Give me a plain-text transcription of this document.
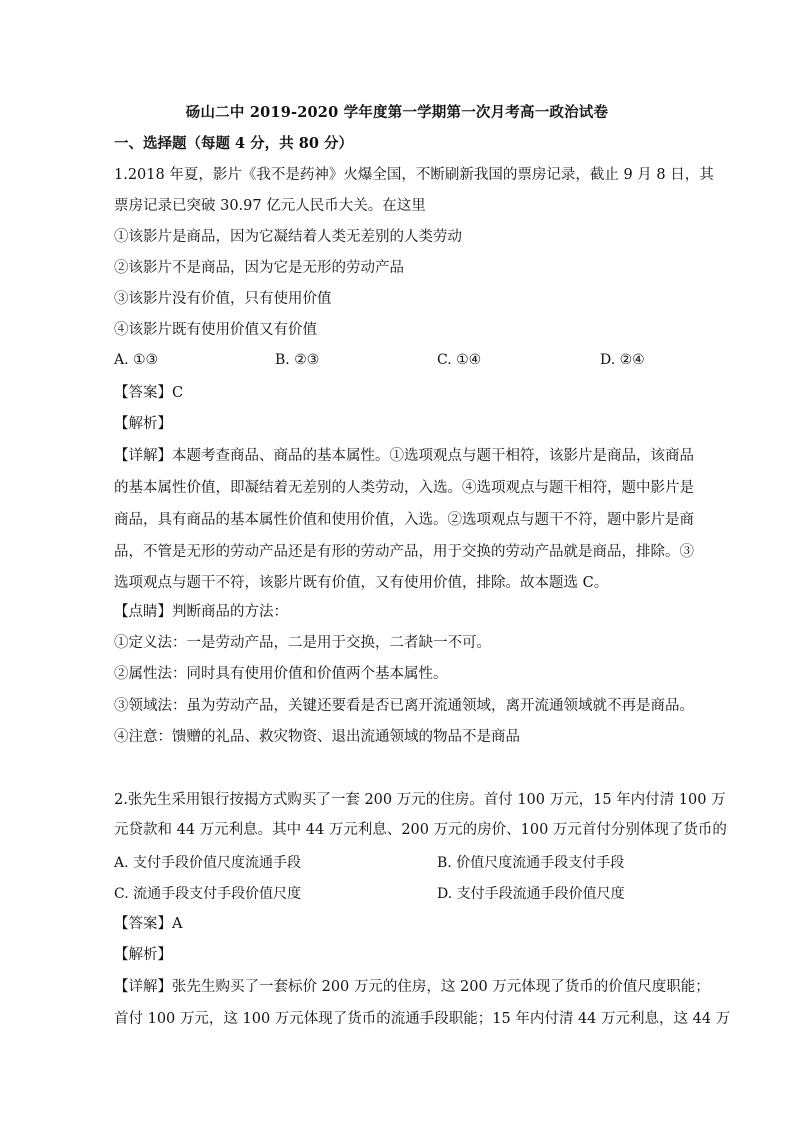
砀山二中 2019-2020 学年度第一学期第一次月考高一政治试卷
一、选择题（每题 4 分，共 80 分）
1.2018 年夏，影片《我不是药神》火爆全国，不断刷新我国的票房记录，截止 9 月 8 日，其
票房记录已突破 30.97 亿元人民币大关。在这里
①该影片是商品，因为它凝结着人类无差别的人类劳动
②该影片不是商品，因为它是无形的劳动产品
③该影片没有价值，只有使用价值
④该影片既有使用价值又有价值
A. ①③	B. ②③	C. ①④	D. ②④
【答案】C
【解析】
【详解】本题考查商品、商品的基本属性。①选项观点与题干相符，该影片是商品，该商品
的基本属性价值，即凝结着无差别的人类劳动，入选。④选项观点与题干相符，题中影片是
商品，具有商品的基本属性价值和使用价值，入选。②选项观点与题干不符，题中影片是商
品，不管是无形的劳动产品还是有形的劳动产品，用于交换的劳动产品就是商品，排除。③
选项观点与题干不符，该影片既有价值，又有使用价值，排除。故本题选 C。
【点睛】判断商品的方法：
①定义法：一是劳动产品，二是用于交换，二者缺一不可。
②属性法：同时具有使用价值和价值两个基本属性。
③领域法：虽为劳动产品，关键还要看是否已离开流通领域，离开流通领域就不再是商品。
④注意：馈赠的礼品、救灾物资、退出流通领域的物品不是商品
2.张先生采用银行按揭方式购买了一套 200 万元的住房。首付 100 万元，15 年内付清 100 万
元贷款和 44 万元利息。其中 44 万元利息、200 万元的房价、100 万元首付分别体现了货币的
A. 支付手段价值尺度流通手段	B. 价值尺度流通手段支付手段
C. 流通手段支付手段价值尺度	D. 支付手段流通手段价值尺度
【答案】A
【解析】
【详解】张先生购买了一套标价 200 万元的住房，这 200 万元体现了货币的价值尺度职能；
首付 100 万元，这 100 万元体现了货币的流通手段职能；15 年内付清 44 万元利息，这 44 万
